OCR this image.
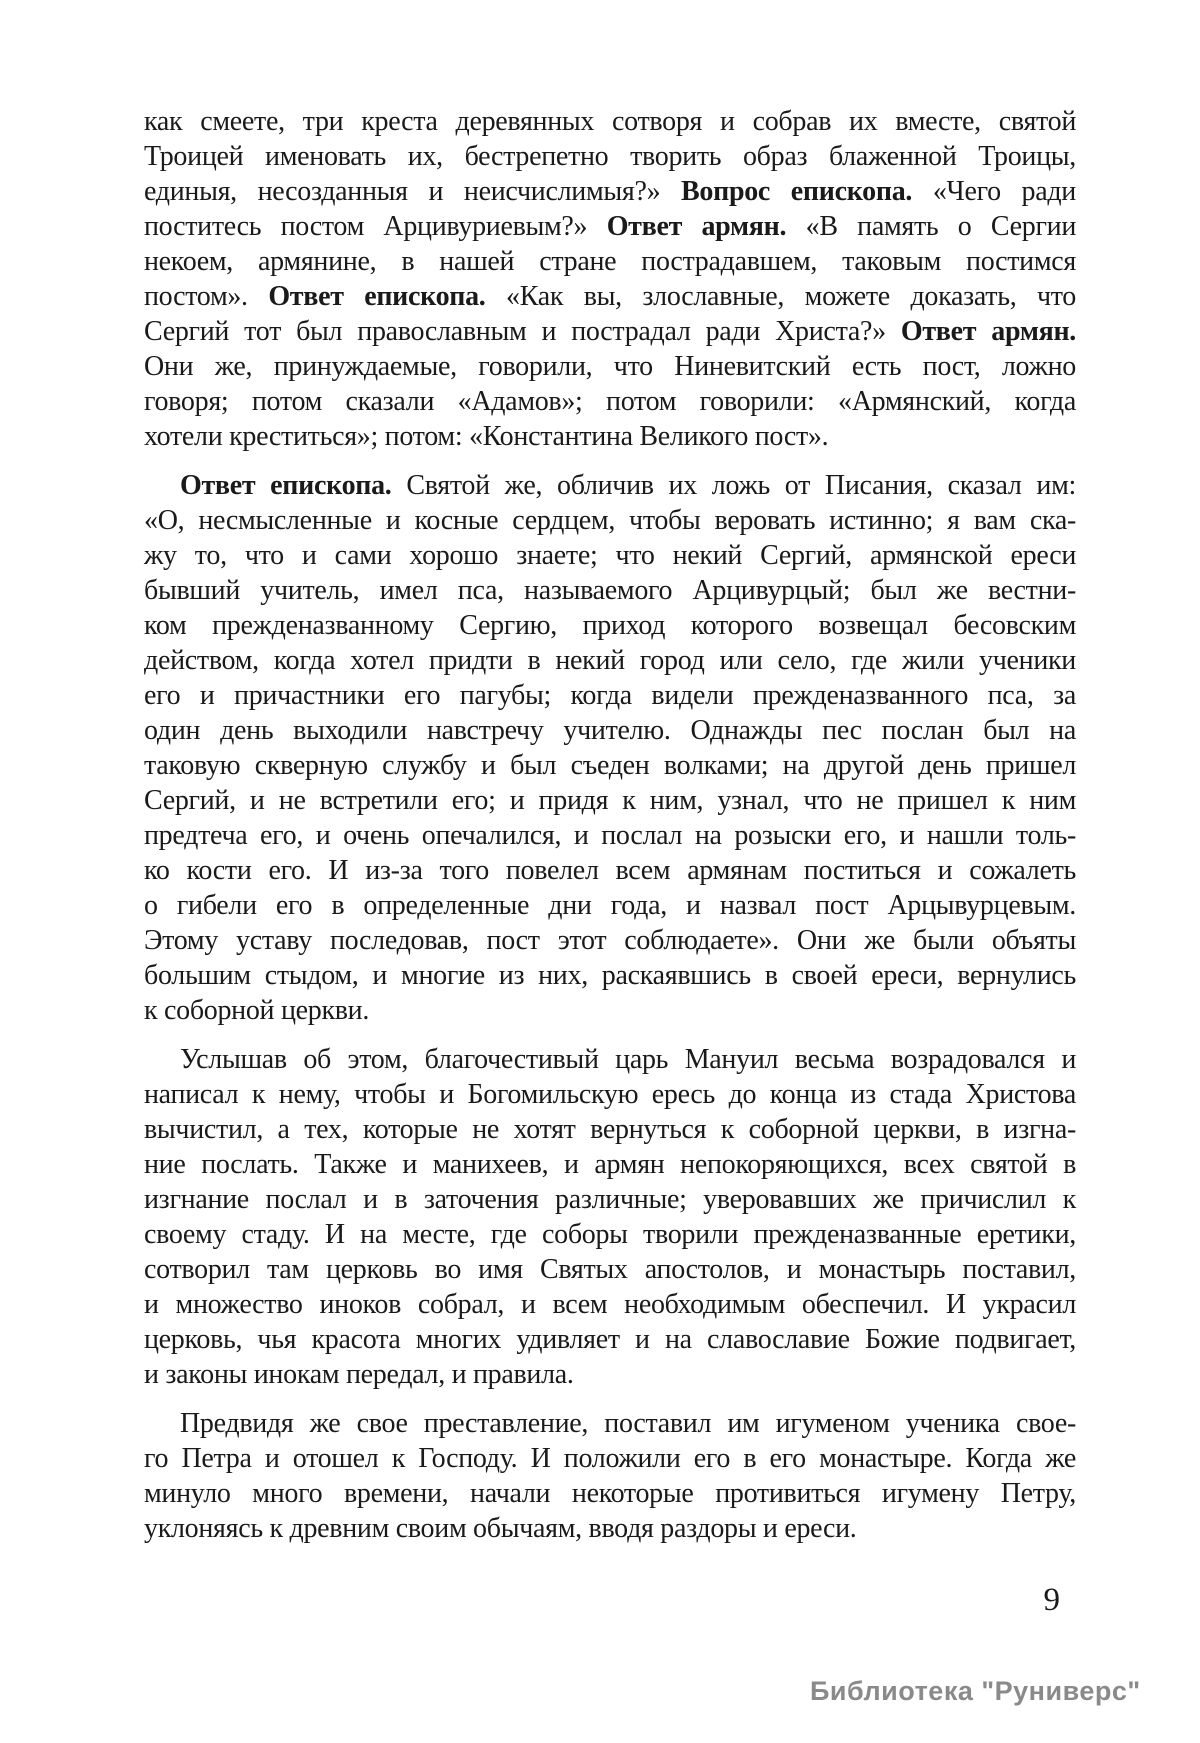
как смеете, три креста деревянных сотворя и собрав их вместе, святой
Троицей именовать их, бестрепетно творить образ блаженной Троицы,
единыя, несозданныя и неисчислимыя?» Вопрос епископа. «Чего ради
поститесь постом Арцивуриевым?» Ответ армян. «В память о Сергии
некоем, армянине, в нашей стране пострадавшем, таковым постимся
постом». Ответ епископа. «Как вы, злославные, можете доказать, что
Сергий тот был православным и пострадал ради Христа?» Ответ армян.
Они же, принуждаемые, говорили, что Ниневитский есть пост, ложно
говоря; потом сказали «Адамов»; потом говорили: «Армянский, когда
хотели креститься»; потом: «Константина Великого пост».
Ответ епископа. Святой же, обличив их ложь от Писания, сказал им:
«О, несмысленные и косные сердцем, чтобы веровать истинно; я вам ска-
жу то, что и сами хорошо знаете; что некий Сергий, армянской ереси
бывший учитель, имел пса, называемого Арцивурцый; был же вестни-
ком прежденазванному Сергию, приход которого возвещал бесовским
действом, когда хотел придти в некий город или село, где жили ученики
его и причастники его пагубы; когда видели прежденазванного пса, за
один день выходили навстречу учителю. Однажды пес послан был на
таковую скверную службу и был съеден волками; на другой день пришел
Сергий, и не встретили его; и придя к ним, узнал, что не пришел к ним
предтеча его, и очень опечалился, и послал на розыски его, и нашли толь-
ко кости его. И из-за того повелел всем армянам поститься и сожалеть
о гибели его в определенные дни года, и назвал пост Арцывурцевым.
Этому уставу последовав, пост этот соблюдаете». Они же были объяты
большим стыдом, и многие из них, раскаявшись в своей ереси, вернулись
к соборной церкви.
Услышав об этом, благочестивый царь Мануил весьма возрадовался и
написал к нему, чтобы и Богомильскую ересь до конца из стада Христова
вычистил, а тех, которые не хотят вернуться к соборной церкви, в изгна-
ние послать. Также и манихеев, и армян непокоряющихся, всех святой в
изгнание послал и в заточения различные; уверовавших же причислил к
своему стаду. И на месте, где соборы творили прежденазванные еретики,
сотворил там церковь во имя Святых апостолов, и монастырь поставил,
и множество иноков собрал, и всем необходимым обеспечил. И украсил
церковь, чья красота многих удивляет и на славославие Божие подвигает,
и законы инокам передал, и правила.
Предвидя же свое преставление, поставил им игуменом ученика свое-
го Петра и отошел к Господу. И положили его в его монастыре. Когда же
минуло много времени, начали некоторые противиться игумену Петру,
уклоняясь к древним своим обычаям, вводя раздоры и ереси.
9
Библиотека "Руниверс"
